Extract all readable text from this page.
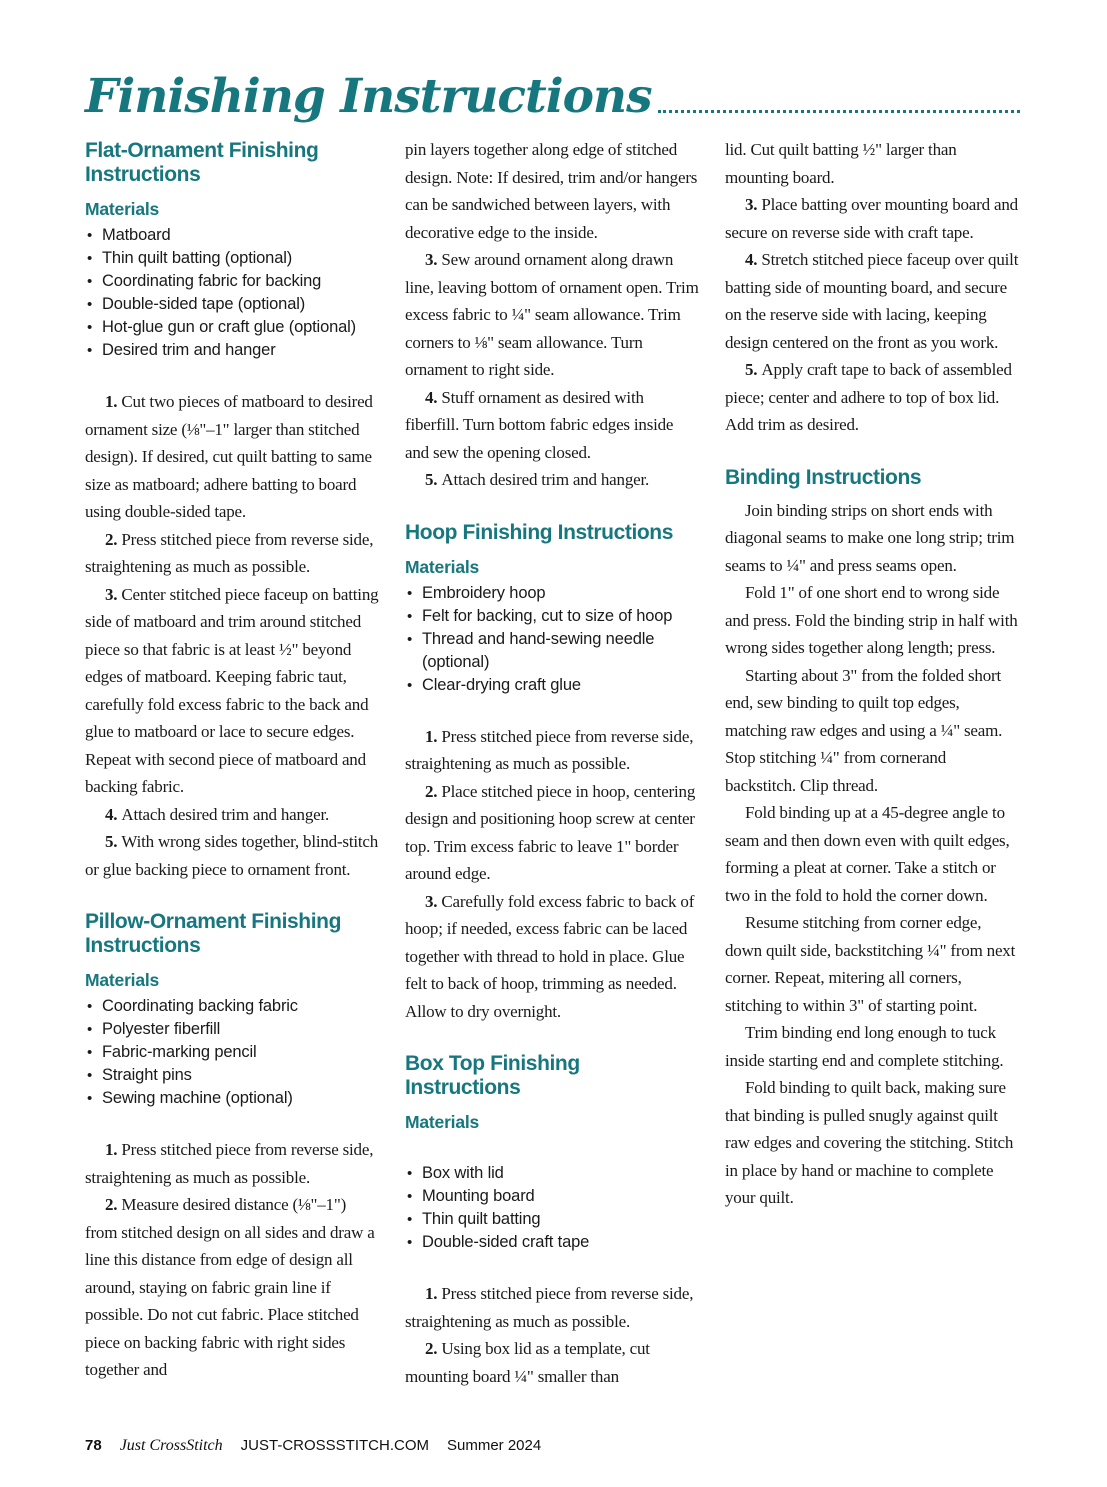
Finishing Instructions
Flat-Ornament Finishing Instructions
Materials
• Matboard
• Thin quilt batting (optional)
• Coordinating fabric for backing
• Double-sided tape (optional)
• Hot-glue gun or craft glue (optional)
• Desired trim and hanger

1. Cut two pieces of matboard to desired ornament size (⅛"–1" larger than stitched design). If desired, cut quilt batting to same size as matboard; adhere batting to board using double-sided tape.

2. Press stitched piece from reverse side, straightening as much as possible.

3. Center stitched piece faceup on batting side of matboard and trim around stitched piece so that fabric is at least ½" beyond edges of matboard. Keeping fabric taut, carefully fold excess fabric to the back and glue to matboard or lace to secure edges. Repeat with second piece of matboard and backing fabric.

4. Attach desired trim and hanger.

5. With wrong sides together, blind-stitch or glue backing piece to ornament front.

Pillow-Ornament Finishing Instructions
Materials
• Coordinating backing fabric
• Polyester fiberfill
• Fabric-marking pencil
• Straight pins
• Sewing machine (optional)

1. Press stitched piece from reverse side, straightening as much as possible.

2. Measure desired distance (⅛"–1") from stitched design on all sides and draw a line this distance from edge of design all around, staying on fabric grain line if possible. Do not cut fabric. Place stitched piece on backing fabric with right sides together and

pin layers together along edge of stitched design. Note: If desired, trim and/or hangers can be sandwiched between layers, with decorative edge to the inside.

3. Sew around ornament along drawn line, leaving bottom of ornament open. Trim excess fabric to ¼" seam allowance. Trim corners to ⅛" seam allowance. Turn ornament to right side.

4. Stuff ornament as desired with fiberfill. Turn bottom fabric edges inside and sew the opening closed.

5. Attach desired trim and hanger.

Hoop Finishing Instructions
Materials
• Embroidery hoop
• Felt for backing, cut to size of hoop
• Thread and hand-sewing needle (optional)
• Clear-drying craft glue

1. Press stitched piece from reverse side, straightening as much as possible.

2. Place stitched piece in hoop, centering design and positioning hoop screw at center top. Trim excess fabric to leave 1" border around edge.

3. Carefully fold excess fabric to back of hoop; if needed, excess fabric can be laced together with thread to hold in place. Glue felt to back of hoop, trimming as needed. Allow to dry overnight.

Box Top Finishing Instructions
Materials
• Box with lid
• Mounting board
• Thin quilt batting
• Double-sided craft tape

1. Press stitched piece from reverse side, straightening as much as possible.

2. Using box lid as a template, cut mounting board ¼" smaller than

lid. Cut quilt batting ½" larger than mounting board.

3. Place batting over mounting board and secure on reverse side with craft tape.

4. Stretch stitched piece faceup over quilt batting side of mounting board, and secure on the reserve side with lacing, keeping design centered on the front as you work.

5. Apply craft tape to back of assembled piece; center and adhere to top of box lid. Add trim as desired.

Binding Instructions

Join binding strips on short ends with diagonal seams to make one long strip; trim seams to ¼" and press seams open.

Fold 1" of one short end to wrong side and press. Fold the binding strip in half with wrong sides together along length; press.

Starting about 3" from the folded short end, sew binding to quilt top edges, matching raw edges and using a ¼" seam. Stop stitching ¼" from cornerand backstitch. Clip thread.

Fold binding up at a 45-degree angle to seam and then down even with quilt edges, forming a pleat at corner. Take a stitch or two in the fold to hold the corner down.

Resume stitching from corner edge, down quilt side, backstitching ¼" from next corner. Repeat, mitering all corners, stitching to within 3" of starting point.

Trim binding end long enough to tuck inside starting end and complete stitching.

Fold binding to quilt back, making sure that binding is pulled snugly against quilt raw edges and covering the stitching. Stitch in place by hand or machine to complete your quilt.

78 Just CrossStitch JUST-CROSSSTITCH.COM Summer 2024
